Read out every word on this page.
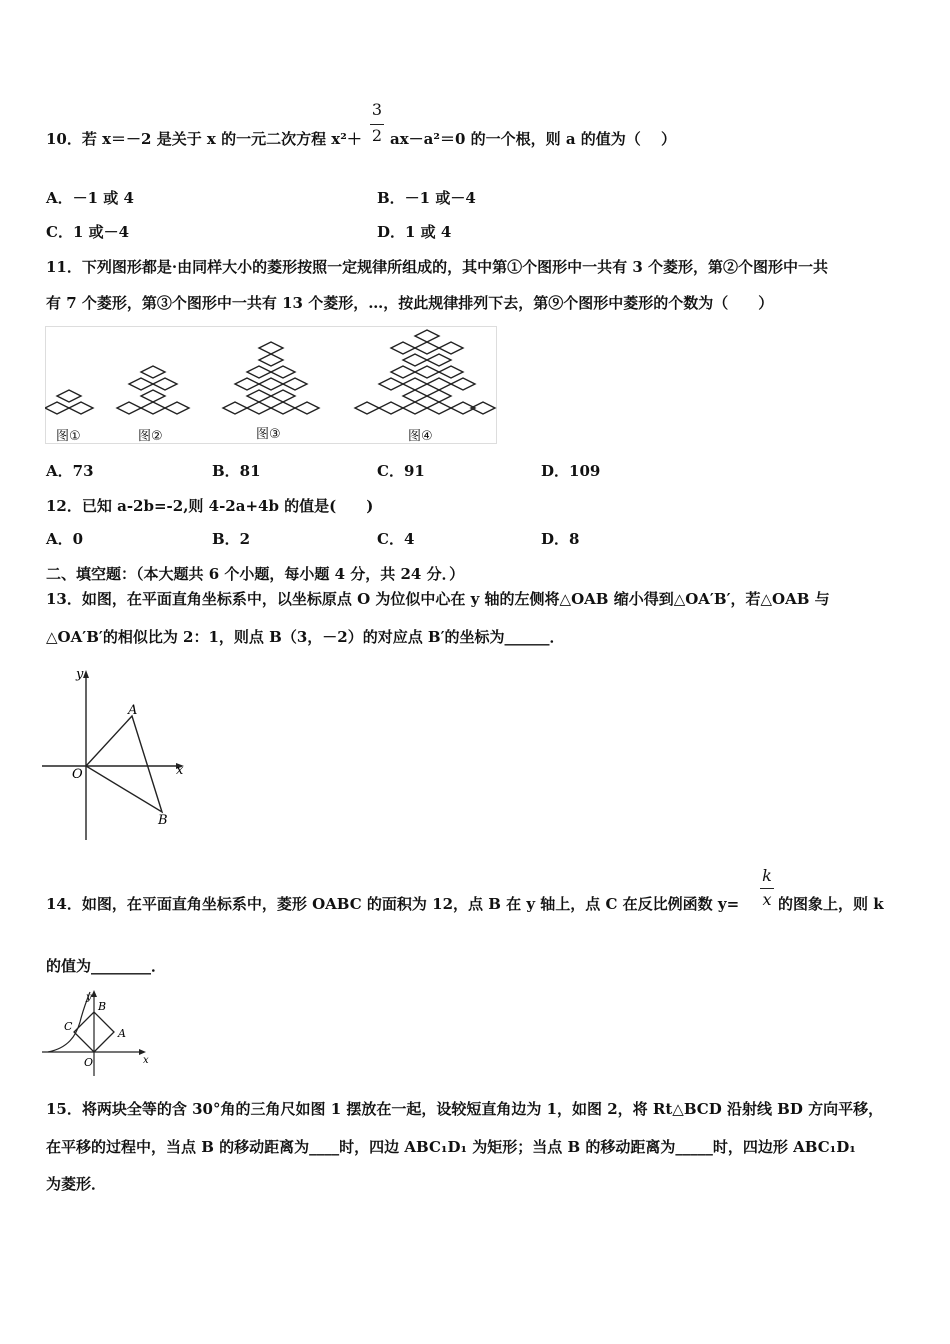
3
2
10．若 x＝－2 是关于 x 的一元二次方程 x²＋ ax－a²＝0 的一个根，则 a 的值为（　 ）
A．－1 或 4	B．－1 或－4
C．1 或－4	D．1 或 4
11．下列图形都是·由同样大小的菱形按照一定规律所组成的，其中第①个图形中一共有 3 个菱形，第②个图形中一共
有 7 个菱形，第③个图形中一共有 13 个菱形，…，按此规律排列下去，第⑨个图形中菱形的个数为（　　）
图①	图②	图③	图④
A．73	B．81	C．91	D．109
12．已知 a-2b=-2,则 4-2a+4b 的值是(　　)
A．0	B．2	C．4	D．8
二、填空题：（本大题共 6 个小题，每小题 4 分，共 24 分．）
13．如图，在平面直角坐标系中，以坐标原点 O 为位似中心在 y 轴的左侧将△OAB 缩小得到△OA′B′，若△OAB 与
△OA′B′的相似比为 2：1，则点 B（3，－2）的对应点 B′的坐标为______．
y
x
O
A
B
k
x
14．如图，在平面直角坐标系中，菱形 OABC 的面积为 12，点 B 在 y 轴上，点 C 在反比例函数 y=	的图象上，则 k
的值为________．
y
x
O
A
B
C
15．将两块全等的含 30°角的三角尺如图 1 摆放在一起，设较短直角边为 1，如图 2，将 Rt△BCD 沿射线 BD 方向平移，
在平移的过程中，当点 B 的移动距离为____时，四边 ABC₁D₁ 为矩形；当点 B 的移动距离为_____时，四边形 ABC₁D₁
为菱形．
